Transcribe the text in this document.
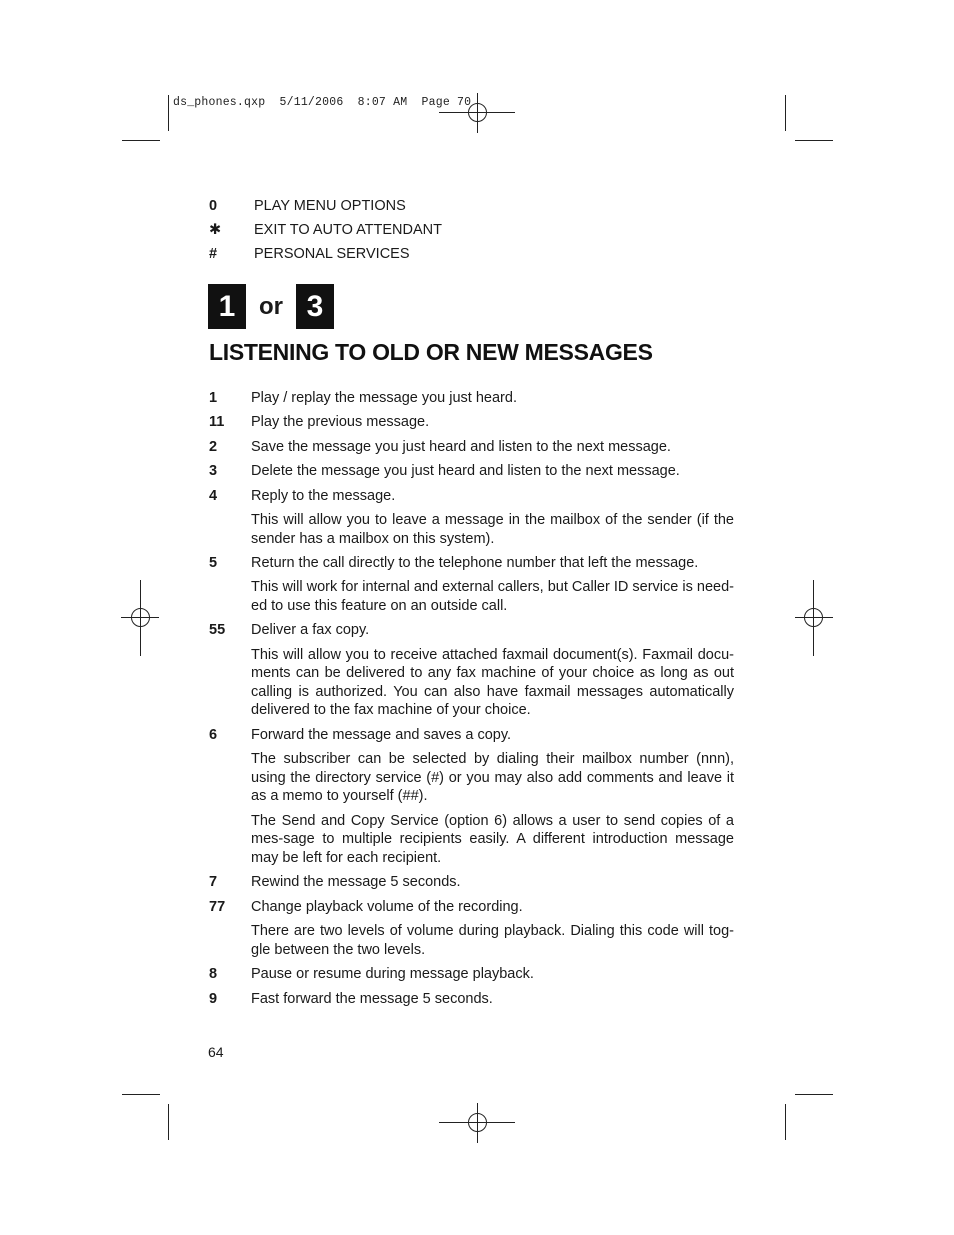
ds_phones.qxp  5/11/2006  8:07 AM  Page 70
0	PLAY MENU OPTIONS
✱	EXIT TO AUTO ATTENDANT
#	PERSONAL SERVICES
1 or 3
LISTENING TO OLD OR NEW MESSAGES
1	Play / replay the message you just heard.

11	Play the previous message.

2	Save the message you just heard and listen to the next message.

3	Delete the message you just heard and listen to the next message.

4	Reply to the message.

This will allow you to leave a message in the mailbox of the sender (if the sender has a mailbox on this system).

5	Return the call directly to the telephone number that left the message.

This will work for internal and external callers, but Caller ID service is need-ed to use this feature on an outside call.

55	Deliver a fax copy.

This will allow you to receive attached faxmail document(s). Faxmail docu-ments can be delivered to any fax machine of your choice as long as out calling is authorized. You can also have faxmail messages automatically delivered to the fax machine of your choice.

6	Forward the message and saves a copy.

The subscriber can be selected by dialing their mailbox number (nnn), using the directory service (#) or you may also add comments and leave it as a memo to yourself (##).

The Send and Copy Service (option 6) allows a user to send copies of a mes-sage to multiple recipients easily. A different introduction message may be left for each recipient.

7	Rewind the message 5 seconds.

77	Change playback volume of the recording.

There are two levels of volume during playback. Dialing this code will tog-gle between the two levels.

8	Pause or resume during message playback.

9	Fast forward the message 5 seconds.

64
